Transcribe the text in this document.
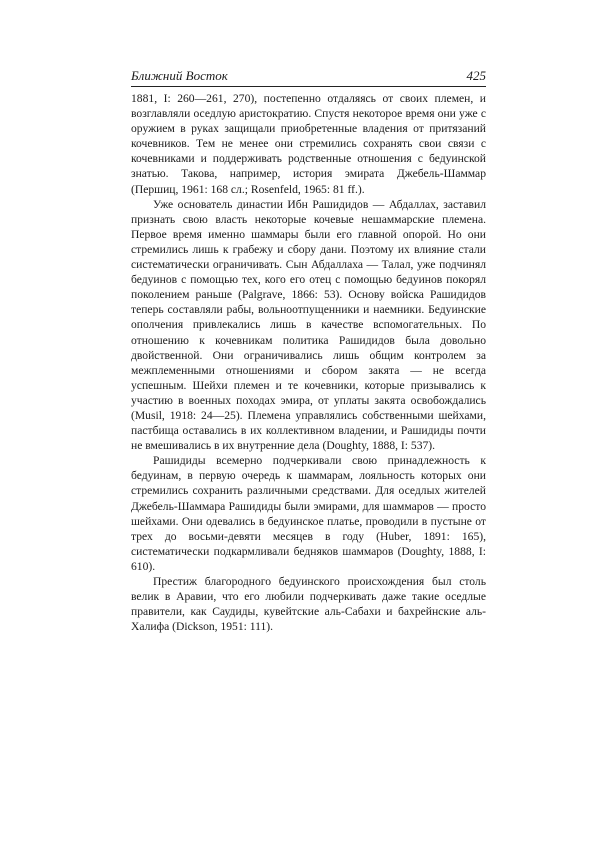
Ближний Восток	425

1881, I: 260—261, 270), постепенно отдаляясь от своих племен, и возглавляли оседлую аристократию. Спустя некоторое время они уже с оружием в руках защищали приобретенные владения от притязаний кочевников. Тем не менее они стремились сохранять свои связи с кочевниками и поддерживать родственные отношения с бедуинской знатью. Такова, например, история эмирата Джебель-Шаммар (Першиц, 1961: 168 сл.; Rosenfeld, 1965: 81 ff.).

Уже основатель династии Ибн Рашидидов — Абдаллах, заставил признать свою власть некоторые кочевые нешаммарские племена. Первое время именно шаммары были его главной опорой. Но они стремились лишь к грабежу и сбору дани. Поэтому их влияние стали систематически ограничивать. Сын Абдаллаха — Талал, уже подчинял бедуинов с помощью тех, кого его отец с помощью бедуинов покорял поколением раньше (Palgrave, 1866: 53). Основу войска Рашидидов теперь составляли рабы, вольноотпущенники и наемники. Бедуинские ополчения привлекались лишь в качестве вспомогательных. По отношению к кочевникам политика Рашидидов была довольно двойственной. Они ограничивались лишь общим контролем за межплеменными отношениями и сбором закята — не всегда успешным. Шейхи племен и те кочевники, которые призывались к участию в военных походах эмира, от уплаты закята освобождались (Musil, 1918: 24—25). Племена управлялись собственными шейхами, пастбища оставались в их коллективном владении, и Рашидиды почти не вмешивались в их внутренние дела (Doughty, 1888, I: 537).

Рашидиды всемерно подчеркивали свою принадлежность к бедуинам, в первую очередь к шаммарам, лояльность которых они стремились сохранить различными средствами. Для оседлых жителей Джебель-Шаммара Рашидиды были эмирами, для шаммаров — просто шейхами. Они одевались в бедуинское платье, проводили в пустыне от трех до восьми-девяти месяцев в году (Huber, 1891: 165), систематически подкармливали бедняков шаммаров (Doughty, 1888, I: 610).

Престиж благородного бедуинского происхождения был столь велик в Аравии, что его любили подчеркивать даже такие оседлые правители, как Саудиды, кувейтские аль-Сабахи и бахрейнские аль-Халифа (Dickson, 1951: 111).
